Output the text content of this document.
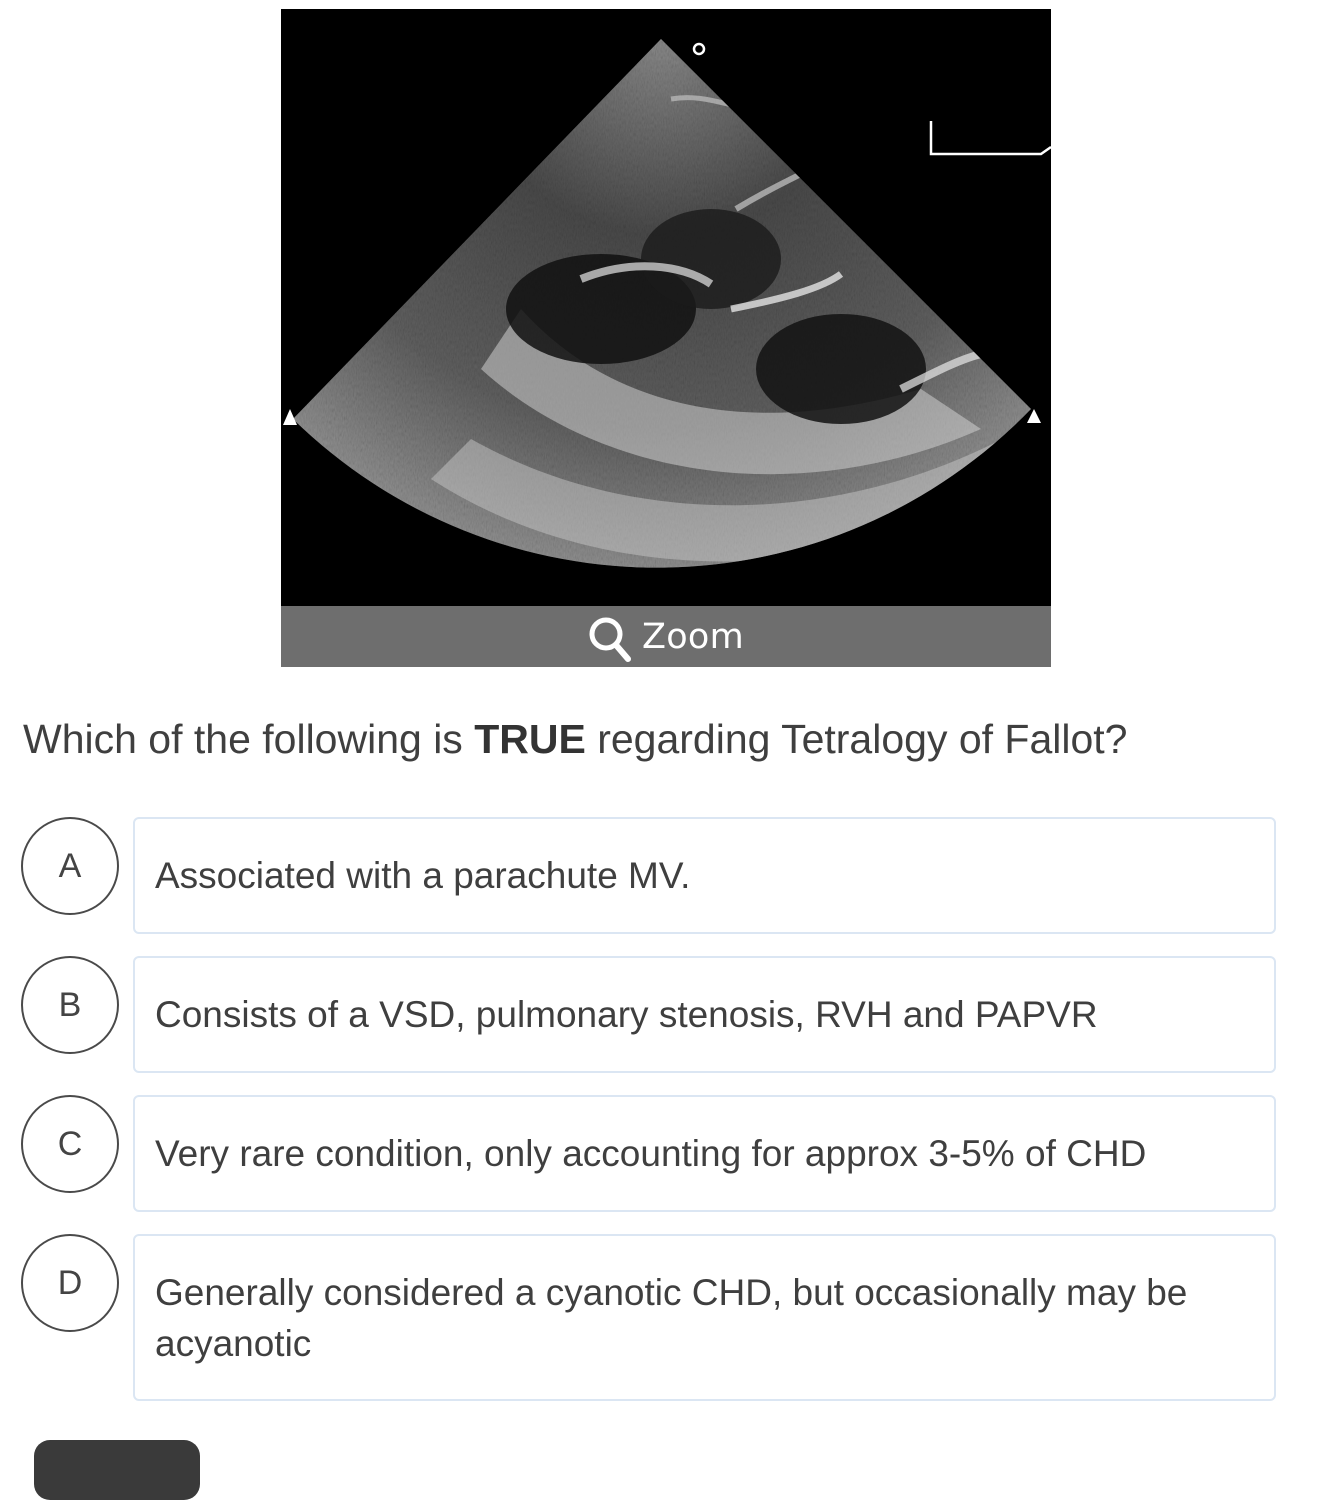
Zoom
Which of the following is TRUE regarding Tetralogy of Fallot?
A	Associated with a parachute MV.
B	Consists of a VSD, pulmonary stenosis, RVH and PAPVR
C	Very rare condition, only accounting for approx 3-5% of CHD
D	Generally considered a cyanotic CHD, but occasionally may be acyanotic
